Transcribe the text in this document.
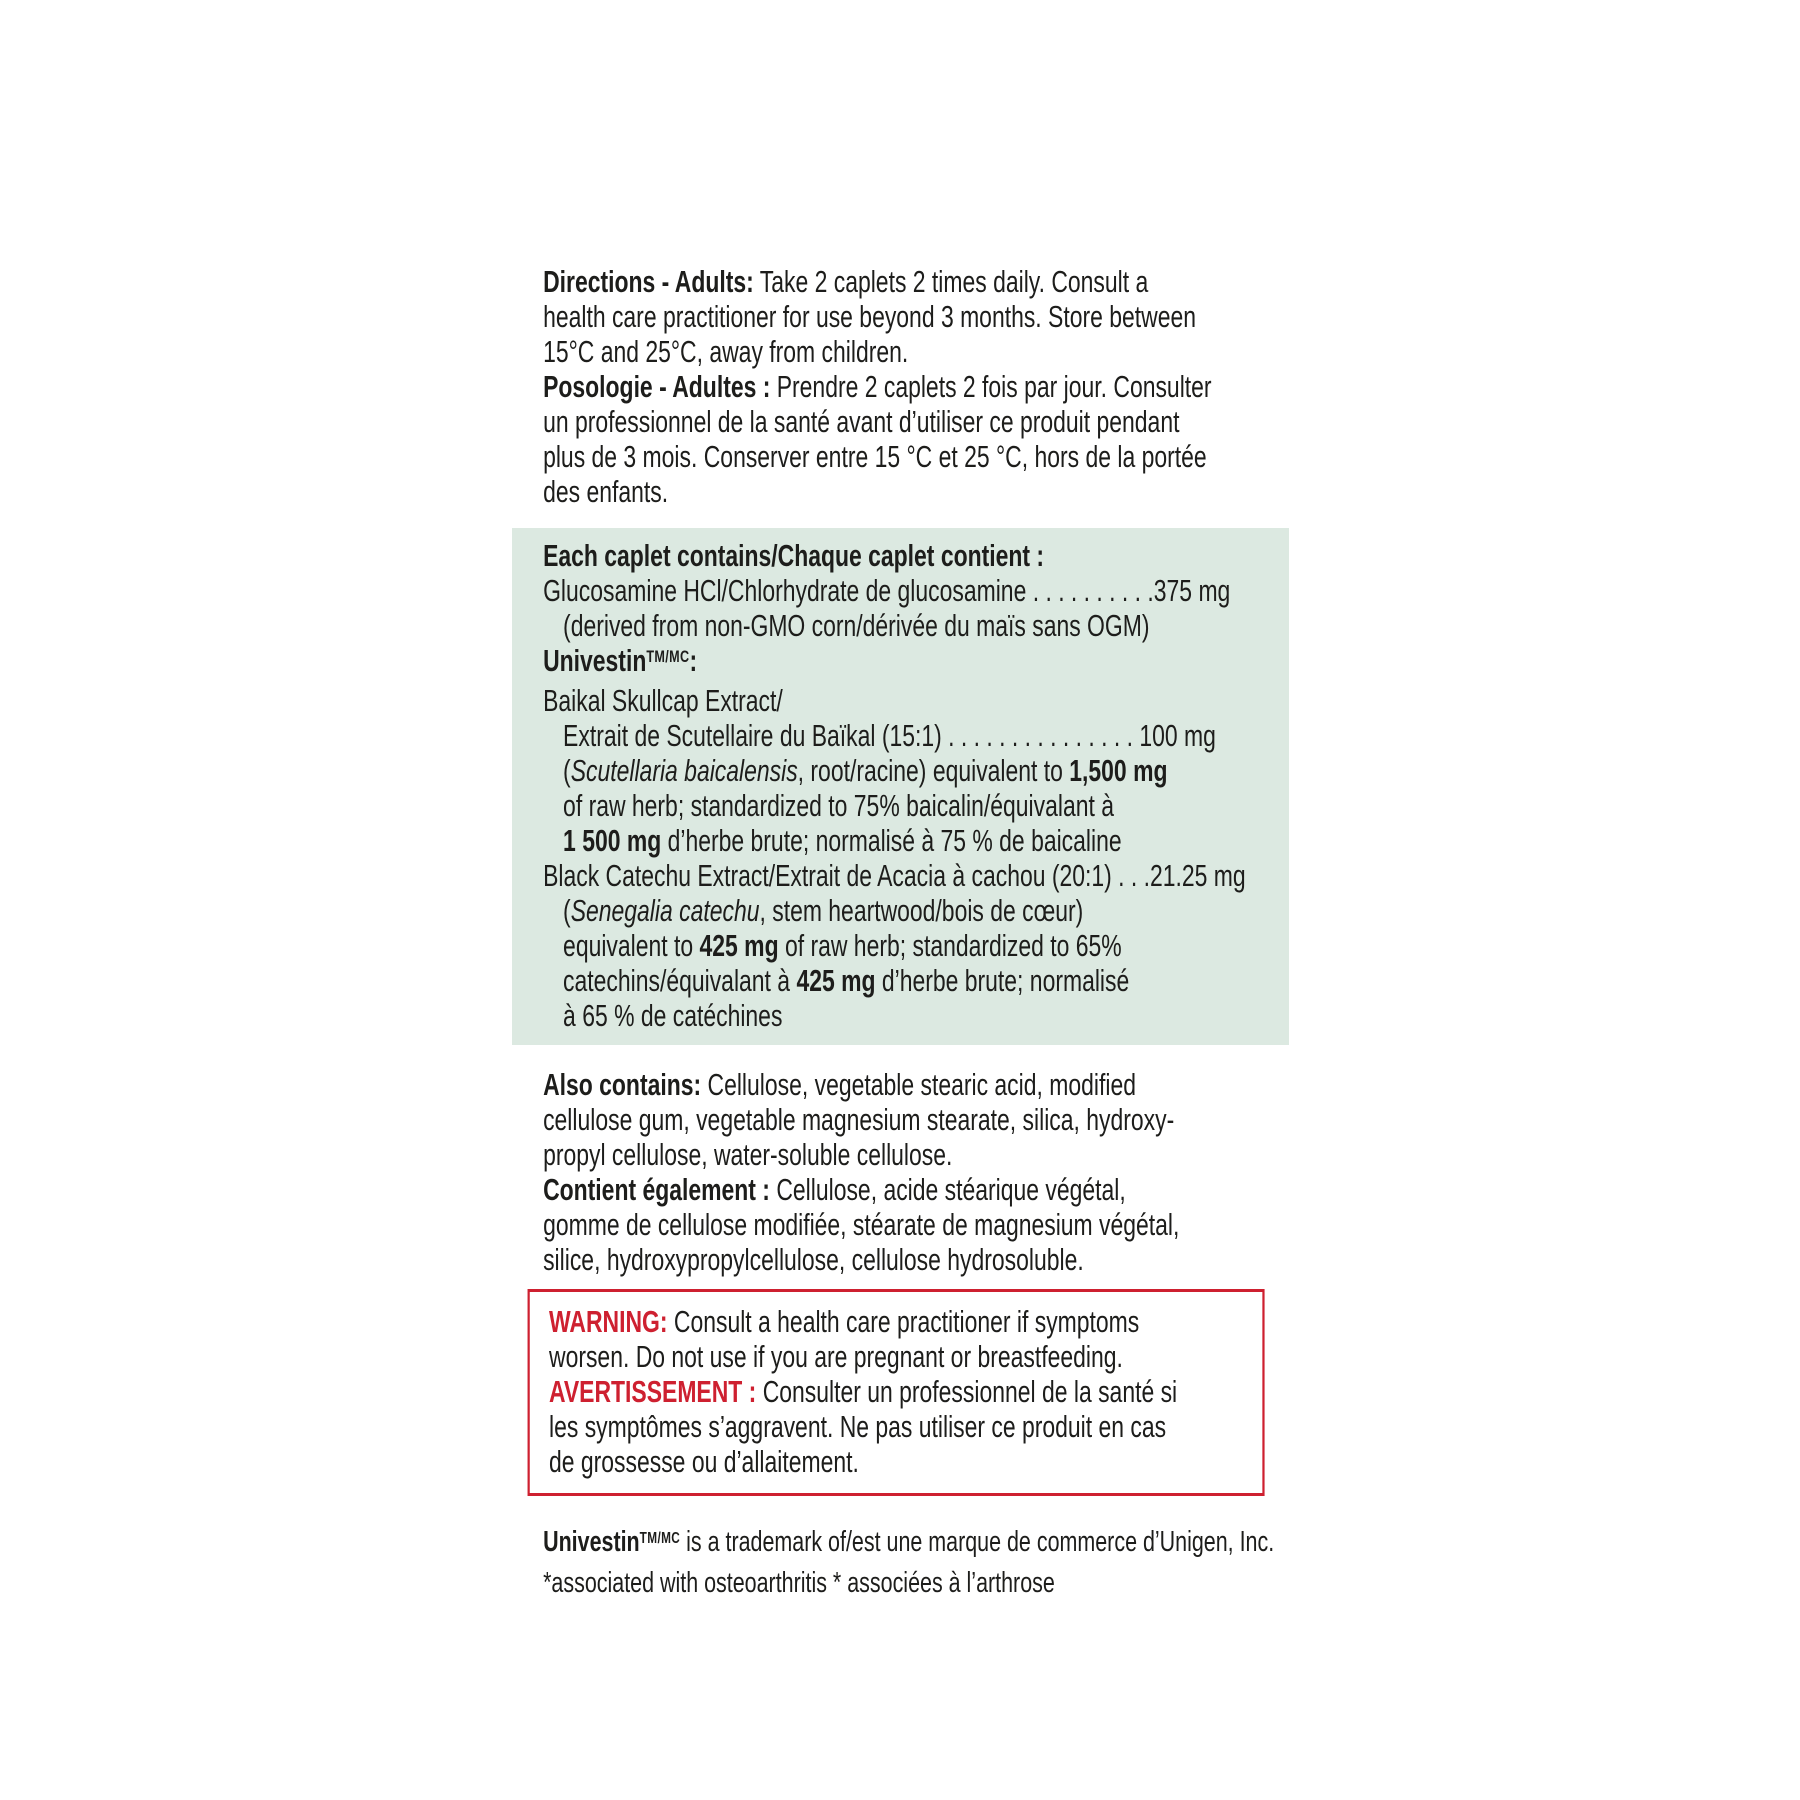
Directions - Adults: Take 2 caplets 2 times daily. Consult a
health care practitioner for use beyond 3 months. Store between
15°C and 25°C, away from children.
Posologie - Adultes : Prendre 2 caplets 2 fois par jour. Consulter
un professionnel de la santé avant d’utiliser ce produit pendant
plus de 3 mois. Conserver entre 15 °C et 25 °C, hors de la portée
des enfants.
Each caplet contains/Chaque caplet contient :
Glucosamine HCl/Chlorhydrate de glucosamine . . . . . . . . . .375 mg
(derived from non-GMO corn/dérivée du maïs sans OGM)
Univestin$^{TM/MC}$:
Baikal Skullcap Extract/
Extrait de Scutellaire du Baïkal (15:1) . . . . . . . . . . . . . . . 100 mg
(Scutellaria baicalensis, root/racine) equivalent to 1,500 mg
of raw herb; standardized to 75% baicalin/équivalant à
1 500 mg d’herbe brute; normalisé à 75 % de baicaline
Black Catechu Extract/Extrait de Acacia à cachou (20:1) . . .21.25 mg
(Senegalia catechu, stem heartwood/bois de cœur)
equivalent to 425 mg of raw herb; standardized to 65%
catechins/équivalant à 425 mg d’herbe brute; normalisé
à 65 % de catéchines
Also contains: Cellulose, vegetable stearic acid, modified
cellulose gum, vegetable magnesium stearate, silica, hydroxy-
propyl cellulose, water-soluble cellulose.
Contient également : Cellulose, acide stéarique végétal,
gomme de cellulose modifiée, stéarate de magnesium végétal,
silice, hydroxypropylcellulose, cellulose hydrosoluble.
WARNING: Consult a health care practitioner if symptoms
worsen. Do not use if you are pregnant or breastfeeding.
AVERTISSEMENT : Consulter un professionnel de la santé si
les symptômes s’aggravent. Ne pas utiliser ce produit en cas
de grossesse ou d’allaitement.
Univestin$^{TM/MC}$ is a trademark of/est une marque de commerce d’Unigen, Inc.
*associated with osteoarthritis * associées à l’arthrose
